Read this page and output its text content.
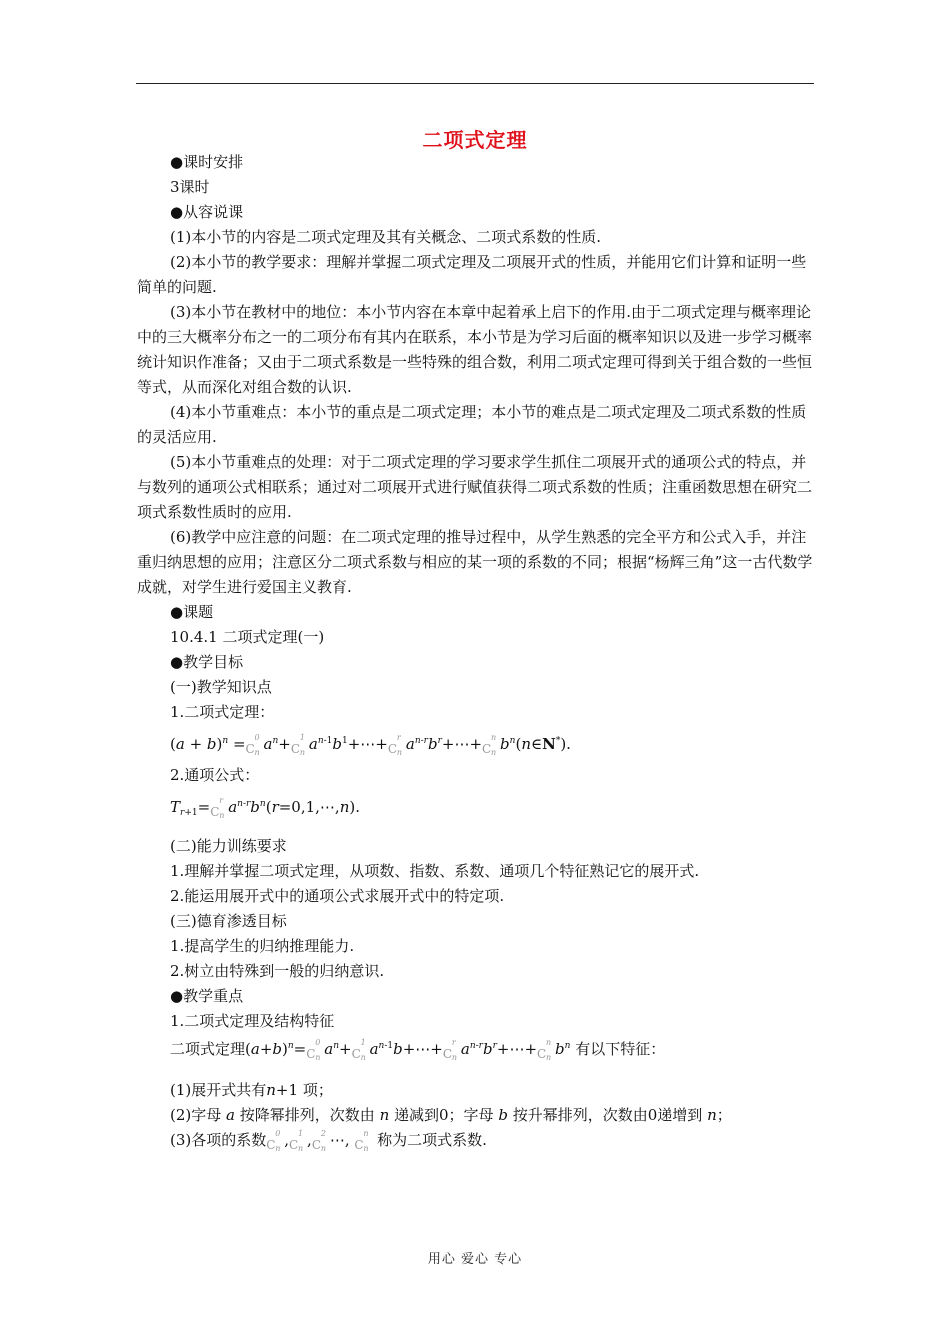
二项式定理

●课时安排

3课时

●从容说课

(1)本小节的内容是二项式定理及其有关概念、二项式系数的性质.

(2)本小节的教学要求：理解并掌握二项式定理及二项展开式的性质，并能用它们计算和证明一些简单的问题.

(3)本小节在教材中的地位：本小节内容在本章中起着承上启下的作用.由于二项式定理与概率理论中的三大概率分布之一的二项分布有其内在联系，本小节是为学习后面的概率知识以及进一步学习概率统计知识作准备；又由于二项式系数是一些特殊的组合数，利用二项式定理可得到关于组合数的一些恒等式，从而深化对组合数的认识.

(4)本小节重难点：本小节的重点是二项式定理；本小节的难点是二项式定理及二项式系数的性质的灵活应用.

(5)本小节重难点的处理：对于二项式定理的学习要求学生抓住二项展开式的通项公式的特点，并与数列的通项公式相联系；通过对二项展开式进行赋值获得二项式系数的性质；注重函数思想在研究二项式系数性质时的应用.

(6)教学中应注意的问题：在二项式定理的推导过程中，从学生熟悉的完全平方和公式入手，并注重归纳思想的应用；注意区分二项式系数与相应的某一项的系数的不同；根据“杨辉三角”这一古代数学成就，对学生进行爱国主义教育.

●课题

10.4.1 二项式定理(一)

●教学目标

(一)教学知识点

1.二项式定理：

$(a + b)^n = C$
0
n $a^n+ C$
1
n $a^{n-1}b^1+\cdots+ C$
r
n $a^{n-r}b^r+\cdots+ C$
n
n $b^n(n\in N^*)$.

2.通项公式：

$T_{r+1}= C$
r
n $a^{n-r}b^n(r=0,1,\cdots,n)$.

(二)能力训练要求

1.理解并掌握二项式定理，从项数、指数、系数、通项几个特征熟记它的展开式.

2.能运用展开式中的通项公式求展开式中的特定项.

(三)德育渗透目标

1.提高学生的归纳推理能力.

2.树立由特殊到一般的归纳意识.

●教学重点

1.二项式定理及结构特征

二项式定理$(a+b)^n= C$
0
n $a^n+ C$
1
n $a^{n-1}b+\cdots+ C$
r
n $a^{n-r}b^r+\cdots+ C$
n
n $b^n$ 有以下特征：

(1)展开式共有n+1 项；

(2)字母 a 按降幂排列，次数由 n 递减到0；字母 b 按升幂排列，次数由0递增到 n；

(3)各项的系数 C
0
n , C
1
n , C
2
n ⋯, C
n
n 称为二项式系数.

用心 爱心 专心
